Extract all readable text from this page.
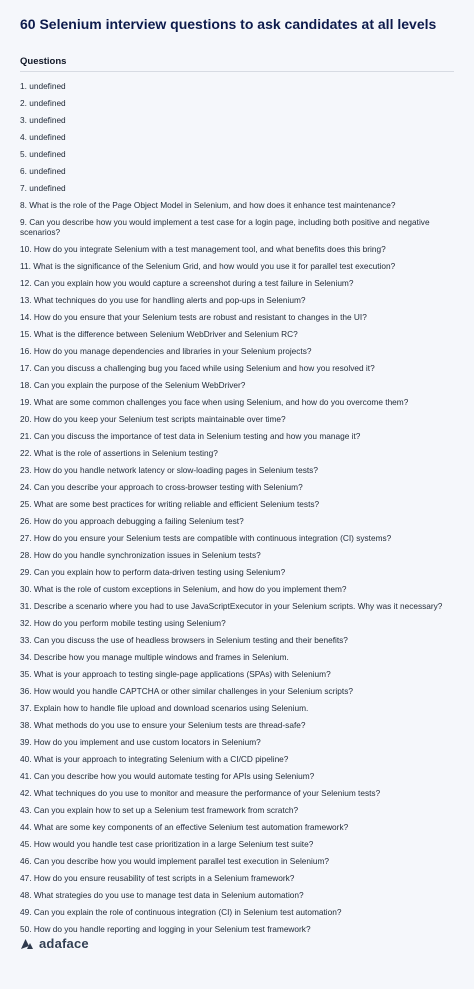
60 Selenium interview questions to ask candidates at all levels
Questions
1. undefined
2. undefined
3. undefined
4. undefined
5. undefined
6. undefined
7. undefined
8. What is the role of the Page Object Model in Selenium, and how does it enhance test maintenance?
9. Can you describe how you would implement a test case for a login page, including both positive and negative scenarios?
10. How do you integrate Selenium with a test management tool, and what benefits does this bring?
11. What is the significance of the Selenium Grid, and how would you use it for parallel test execution?
12. Can you explain how you would capture a screenshot during a test failure in Selenium?
13. What techniques do you use for handling alerts and pop-ups in Selenium?
14. How do you ensure that your Selenium tests are robust and resistant to changes in the UI?
15. What is the difference between Selenium WebDriver and Selenium RC?
16. How do you manage dependencies and libraries in your Selenium projects?
17. Can you discuss a challenging bug you faced while using Selenium and how you resolved it?
18. Can you explain the purpose of the Selenium WebDriver?
19. What are some common challenges you face when using Selenium, and how do you overcome them?
20. How do you keep your Selenium test scripts maintainable over time?
21. Can you discuss the importance of test data in Selenium testing and how you manage it?
22. What is the role of assertions in Selenium testing?
23. How do you handle network latency or slow-loading pages in Selenium tests?
24. Can you describe your approach to cross-browser testing with Selenium?
25. What are some best practices for writing reliable and efficient Selenium tests?
26. How do you approach debugging a failing Selenium test?
27. How do you ensure your Selenium tests are compatible with continuous integration (CI) systems?
28. How do you handle synchronization issues in Selenium tests?
29. Can you explain how to perform data-driven testing using Selenium?
30. What is the role of custom exceptions in Selenium, and how do you implement them?
31. Describe a scenario where you had to use JavaScriptExecutor in your Selenium scripts. Why was it necessary?
32. How do you perform mobile testing using Selenium?
33. Can you discuss the use of headless browsers in Selenium testing and their benefits?
34. Describe how you manage multiple windows and frames in Selenium.
35. What is your approach to testing single-page applications (SPAs) with Selenium?
36. How would you handle CAPTCHA or other similar challenges in your Selenium scripts?
37. Explain how to handle file upload and download scenarios using Selenium.
38. What methods do you use to ensure your Selenium tests are thread-safe?
39. How do you implement and use custom locators in Selenium?
40. What is your approach to integrating Selenium with a CI/CD pipeline?
41. Can you describe how you would automate testing for APIs using Selenium?
42. What techniques do you use to monitor and measure the performance of your Selenium tests?
43. Can you explain how to set up a Selenium test framework from scratch?
44. What are some key components of an effective Selenium test automation framework?
45. How would you handle test case prioritization in a large Selenium test suite?
46. Can you describe how you would implement parallel test execution in Selenium?
47. How do you ensure reusability of test scripts in a Selenium framework?
48. What strategies do you use to manage test data in Selenium automation?
49. Can you explain the role of continuous integration (CI) in Selenium test automation?
50. How do you handle reporting and logging in your Selenium test framework?
adaface
